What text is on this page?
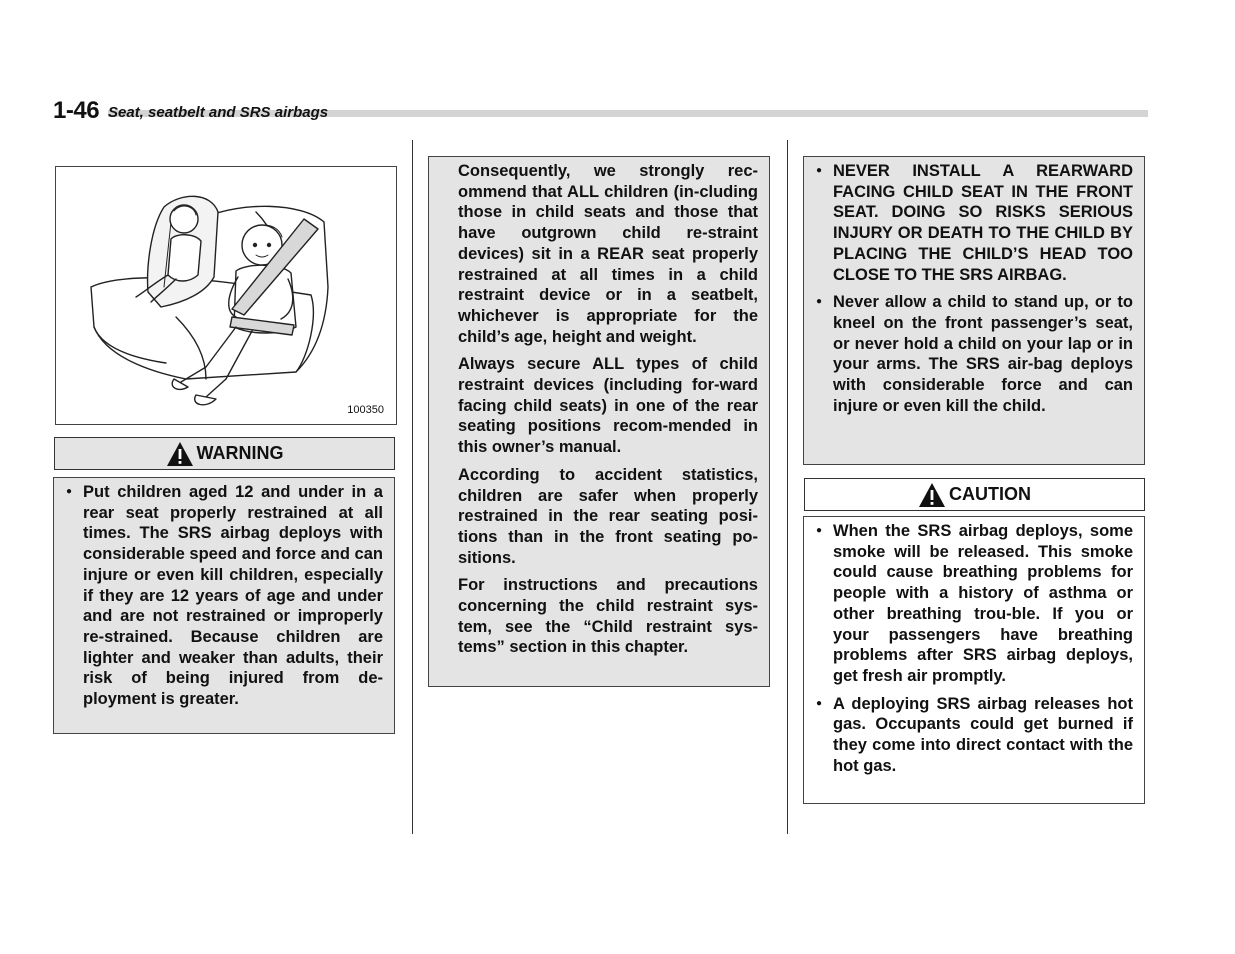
1-46 Seat, seatbelt and SRS airbags
100350
WARNING
● Put children aged 12 and under in a rear seat properly restrained at all times. The SRS airbag deploys with considerable speed and force and can injure or even kill children, especially if they are 12 years of age and under and are not restrained or improperly re-strained. Because children are lighter and weaker than adults, their risk of being injured from de-ployment is greater.

Consequently, we strongly rec-ommend that ALL children (in-cluding those in child seats and those that have outgrown child re-straint devices) sit in a REAR seat properly restrained at all times in a child restraint device or in a seatbelt, whichever is appropriate for the child’s age, height and weight.

Always secure ALL types of child restraint devices (including for-ward facing child seats) in one of the rear seating positions recom-mended in this owner’s manual.

According to accident statistics, children are safer when properly restrained in the rear seating posi-tions than in the front seating po-sitions.

For instructions and precautions concerning the child restraint sys-tem, see the “Child restraint sys-tems” section in this chapter.

● NEVER INSTALL A REARWARD FACING CHILD SEAT IN THE FRONT SEAT. DOING SO RISKS SERIOUS INJURY OR DEATH TO THE CHILD BY PLACING THE CHILD’S HEAD TOO CLOSE TO THE SRS AIRBAG.
● Never allow a child to stand up, or to kneel on the front passenger’s seat, or never hold a child on your lap or in your arms. The SRS air-bag deploys with considerable force and can injure or even kill the child.
CAUTION
● When the SRS airbag deploys, some smoke will be released. This smoke could cause breathing problems for people with a history of asthma or other breathing trou-ble. If you or your passengers have breathing problems after SRS airbag deploys, get fresh air promptly.
● A deploying SRS airbag releases hot gas. Occupants could get burned if they come into direct contact with the hot gas.
